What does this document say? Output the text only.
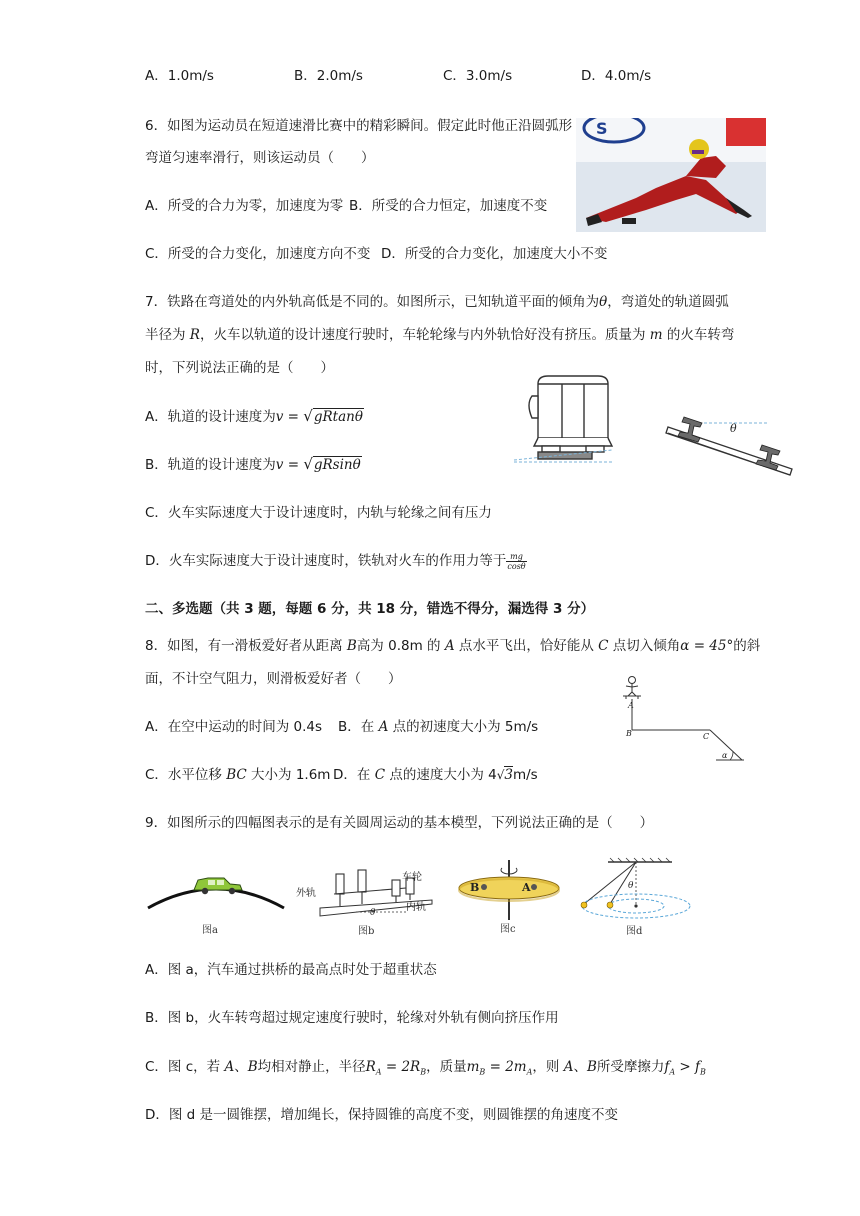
A．1.0m/s	B．2.0m/s	C．3.0m/s	D．4.0m/s
6．如图为运动员在短道速滑比赛中的精彩瞬间。假定此时他正沿圆弧形
弯道匀速率滑行，则该运动员（　　）
A．所受的合力为零，加速度为零 B．所受的合力恒定，加速度不变
C．所受的合力变化，加速度方向不变 D．所受的合力变化，加速度大小不变
S
7．铁路在弯道处的内外轨高低是不同的。如图所示，已知轨道平面的倾角为θ，弯道处的轨道圆弧
半径为 R，火车以轨道的设计速度行驶时，车轮轮缘与内外轨恰好没有挤压。质量为 m 的火车转弯
时，下列说法正确的是（　　）
A．轨道的设计速度为v = √gRtanθ
B．轨道的设计速度为v = √gRsinθ
C．火车实际速度大于设计速度时，内轨与轮缘之间有压力
D．火车实际速度大于设计速度时，铁轨对火车的作用力等于 $\frac{mg}{\cos\theta}$
θ
二、多选题（共 3 题，每题 6 分，共 18 分，错选不得分，漏选得 3 分）
8．如图，有一滑板爱好者从距离 B高为 0.8m 的 A 点水平飞出，恰好能从 C 点切入倾角α = 45°的斜
面，不计空气阻力，则滑板爱好者（　　）
A．在空中运动的时间为 0.4s B．在 A 点的初速度大小为 5m/s
C．水平位移 BC 大小为 1.6m D．在 C 点的速度大小为 4√3m/s
A
B	C
α
9．如图所示的四幅图表示的是有关圆周运动的基本模型，下列说法正确的是（　　）
图a
外轨
车轮
内轨
θ
图b
B	A
图c
θ
图d
A．图 a，汽车通过拱桥的最高点时处于超重状态
B．图 b，火车转弯超过规定速度行驶时，轮缘对外轨有侧向挤压作用
C．图 c，若 A、B均相对静止，半径$R_A = 2R_B$，质量$m_B = 2m_A$，则 A、B所受摩擦力$f_A > f_B$
D．图 d 是一圆锥摆，增加绳长，保持圆锥的高度不变，则圆锥摆的角速度不变
